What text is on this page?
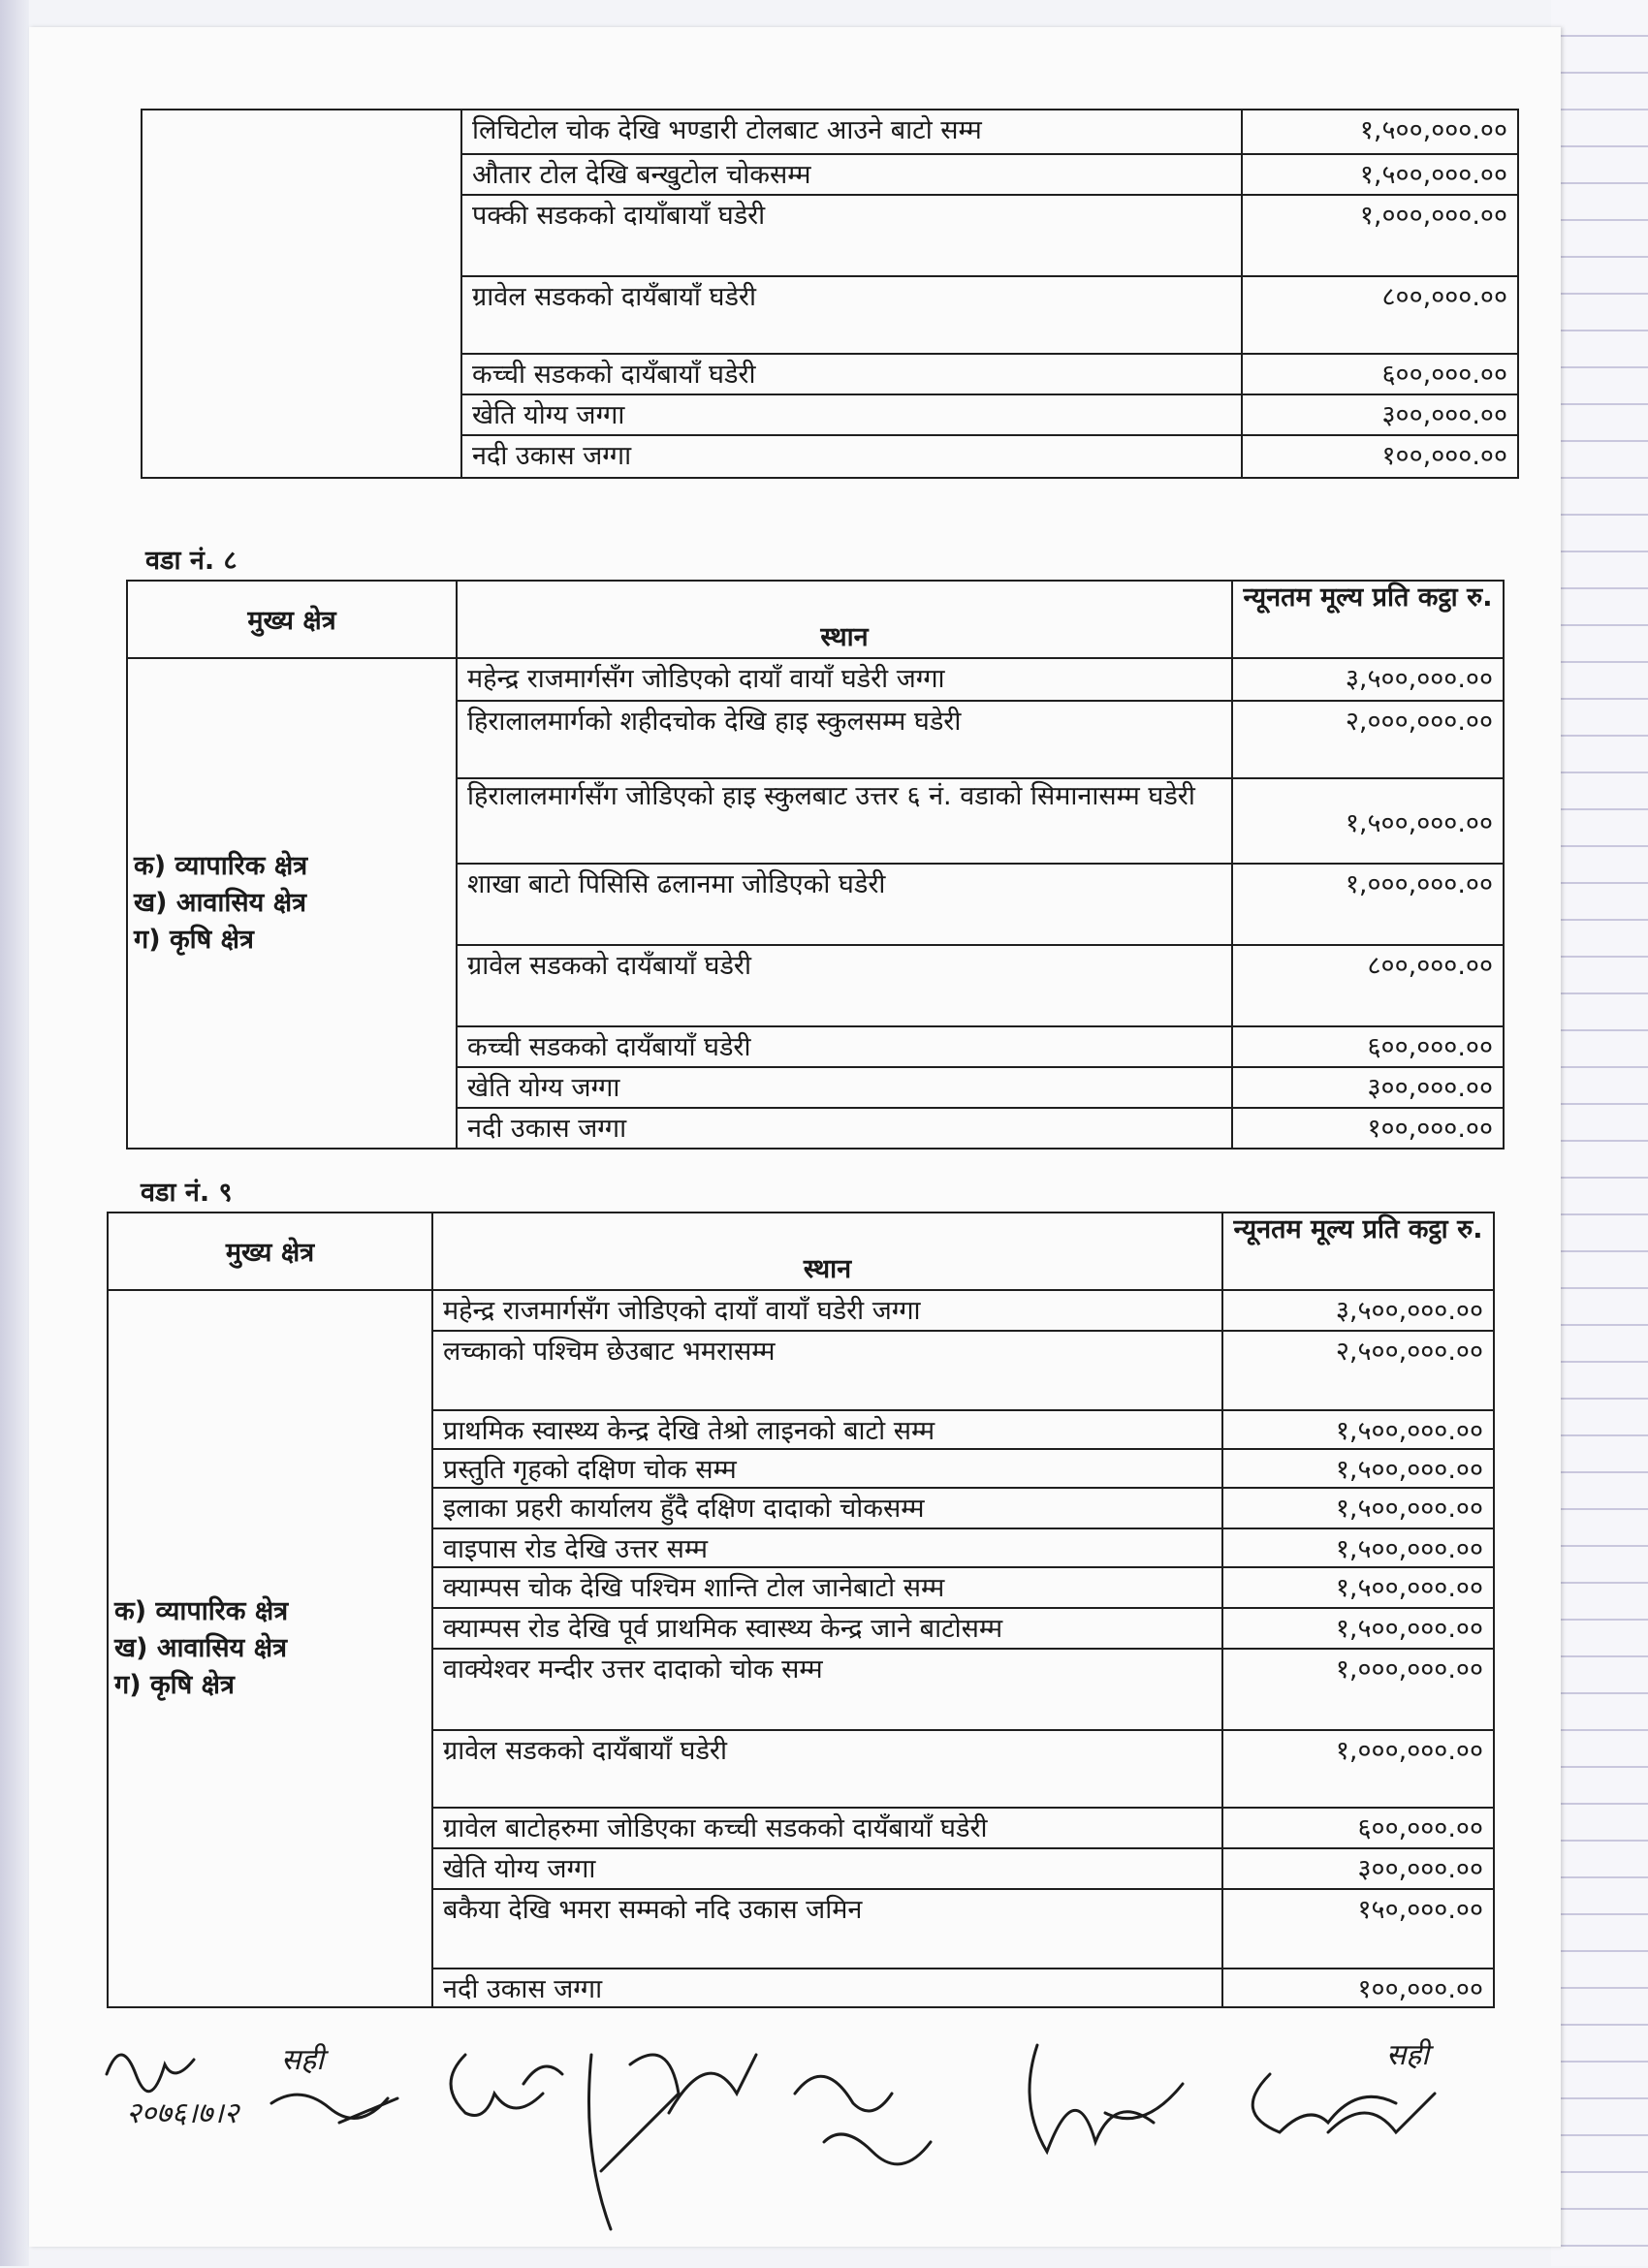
	लिचिटोल चोक देखि भण्डारी टोलबाट आउने बाटो सम्म	१,५००,०००.००
	औतार टोल देखि बन्खुटोल चोकसम्म	१,५००,०००.००
	पक्की सडकको दायाँबायाँ घडेरी	१,०००,०००.००
	ग्रावेल सडकको दायँबायाँ घडेरी	८००,०००.००
	कच्ची सडकको दायँबायाँ घडेरी	६००,०००.००
	खेति योग्य जग्गा	३००,०००.००
	नदी उकास जग्गा	१००,०००.००
वडा नं. ८
मुख्य क्षेत्र	स्थान	न्यूनतम मूल्य प्रति कट्ठा रु.

क) व्यापारिक क्षेत्र
ख) आवासिय क्षेत्र
ग) कृषि क्षेत्र	महेन्द्र राजमार्गसँग जोडिएको दायाँ वायाँ घडेरी जग्गा	३,५००,०००.००
	हिरालालमार्गको शहीदचोक देखि हाइ स्कुलसम्म घडेरी	२,०००,०००.००
	हिरालालमार्गसँग जोडिएको हाइ स्कुलबाट उत्तर ६ नं. वडाको सिमानासम्म घडेरी	१,५००,०००.००
	शाखा बाटो पिसिसि ढलानमा जोडिएको घडेरी	१,०००,०००.००
	ग्रावेल सडकको दायँबायाँ घडेरी	८००,०००.००
	कच्ची सडकको दायँबायाँ घडेरी	६००,०००.००
	खेति योग्य जग्गा	३००,०००.००
	नदी उकास जग्गा	१००,०००.००
वडा नं. ९
मुख्य क्षेत्र	स्थान	न्यूनतम मूल्य प्रति कट्ठा रु.

क) व्यापारिक क्षेत्र
ख) आवासिय क्षेत्र
ग) कृषि क्षेत्र	महेन्द्र राजमार्गसँग जोडिएको दायाँ वायाँ घडेरी जग्गा	३,५००,०००.००
	लच्काको पश्चिम छेउबाट भमरासम्म	२,५००,०००.००
	प्राथमिक स्वास्थ्य केन्द्र देखि तेश्रो लाइनको बाटो सम्म	१,५००,०००.००
	प्रस्तुति गृहको दक्षिण चोक सम्म	१,५००,०००.००
	इलाका प्रहरी कार्यालय हुँदै दक्षिण दादाको चोकसम्म	१,५००,०००.००
	वाइपास रोड देखि उत्तर सम्म	१,५००,०००.००
	क्याम्पस चोक देखि पश्चिम शान्ति टोल जानेबाटो सम्म	१,५००,०००.००
	क्याम्पस रोड देखि पूर्व प्राथमिक स्वास्थ्य केन्द्र जाने बाटोसम्म	१,५००,०००.००
	वाक्येश्वर मन्दीर उत्तर दादाको चोक सम्म	१,०००,०००.००
	ग्रावेल सडकको दायँबायाँ घडेरी	१,०००,०००.००
	ग्रावेल बाटोहरुमा जोडिएका कच्ची सडकको दायँबायाँ घडेरी	६००,०००.००
	खेति योग्य जग्गा	३००,०००.००
	बकैया देखि भमरा सम्मको नदि उकास जमिन	१५०,०००.००
	नदी उकास जग्गा	१००,०००.००
२०७६।७।२
सही	सही
